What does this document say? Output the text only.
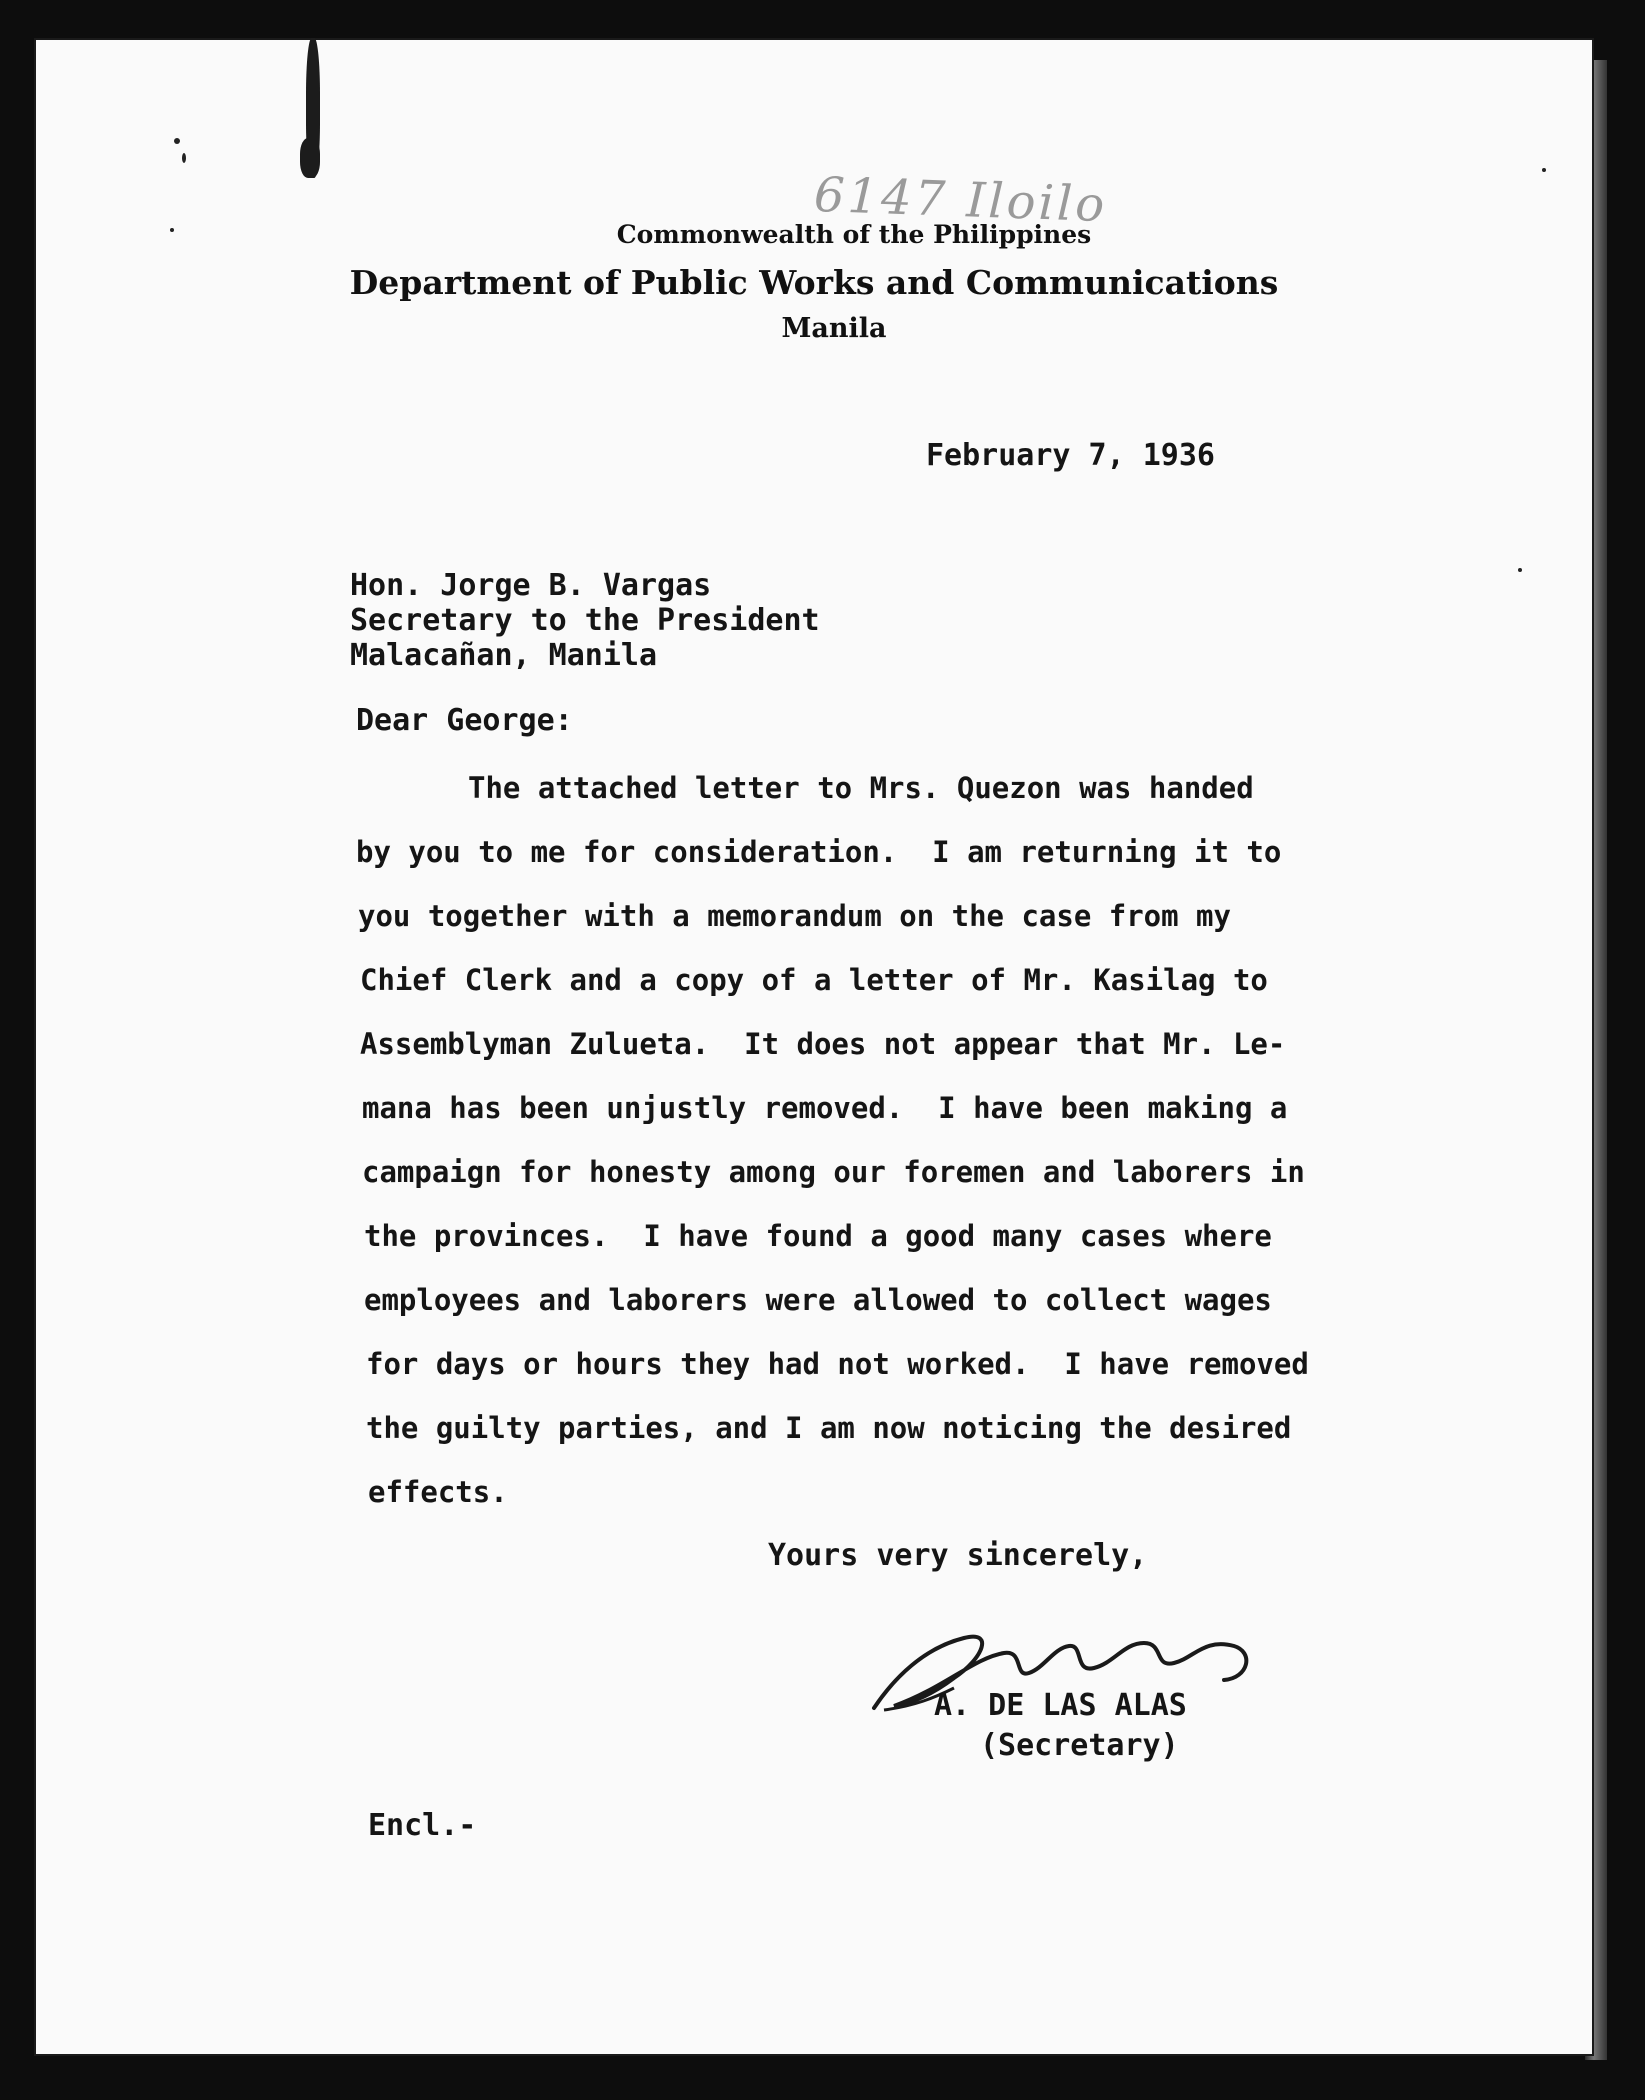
6147 Iloilo
Commonwealth of the Philippines
Department of Public Works and Communications
Manila
February 7, 1936
Hon. Jorge B. Vargas
Secretary to the President
Malacañan, Manila
Dear George:
The attached letter to Mrs. Quezon was handed
by you to me for consideration.  I am returning it to
you together with a memorandum on the case from my
Chief Clerk and a copy of a letter of Mr. Kasilag to
Assemblyman Zulueta.  It does not appear that Mr. Le-
mana has been unjustly removed.  I have been making a
campaign for honesty among our foremen and laborers in
the provinces.  I have found a good many cases where
employees and laborers were allowed to collect wages
for days or hours they had not worked.  I have removed
the guilty parties, and I am now noticing the desired
effects.
Yours very sincerely,
A. DE LAS ALAS
(Secretary)
Encl.-
